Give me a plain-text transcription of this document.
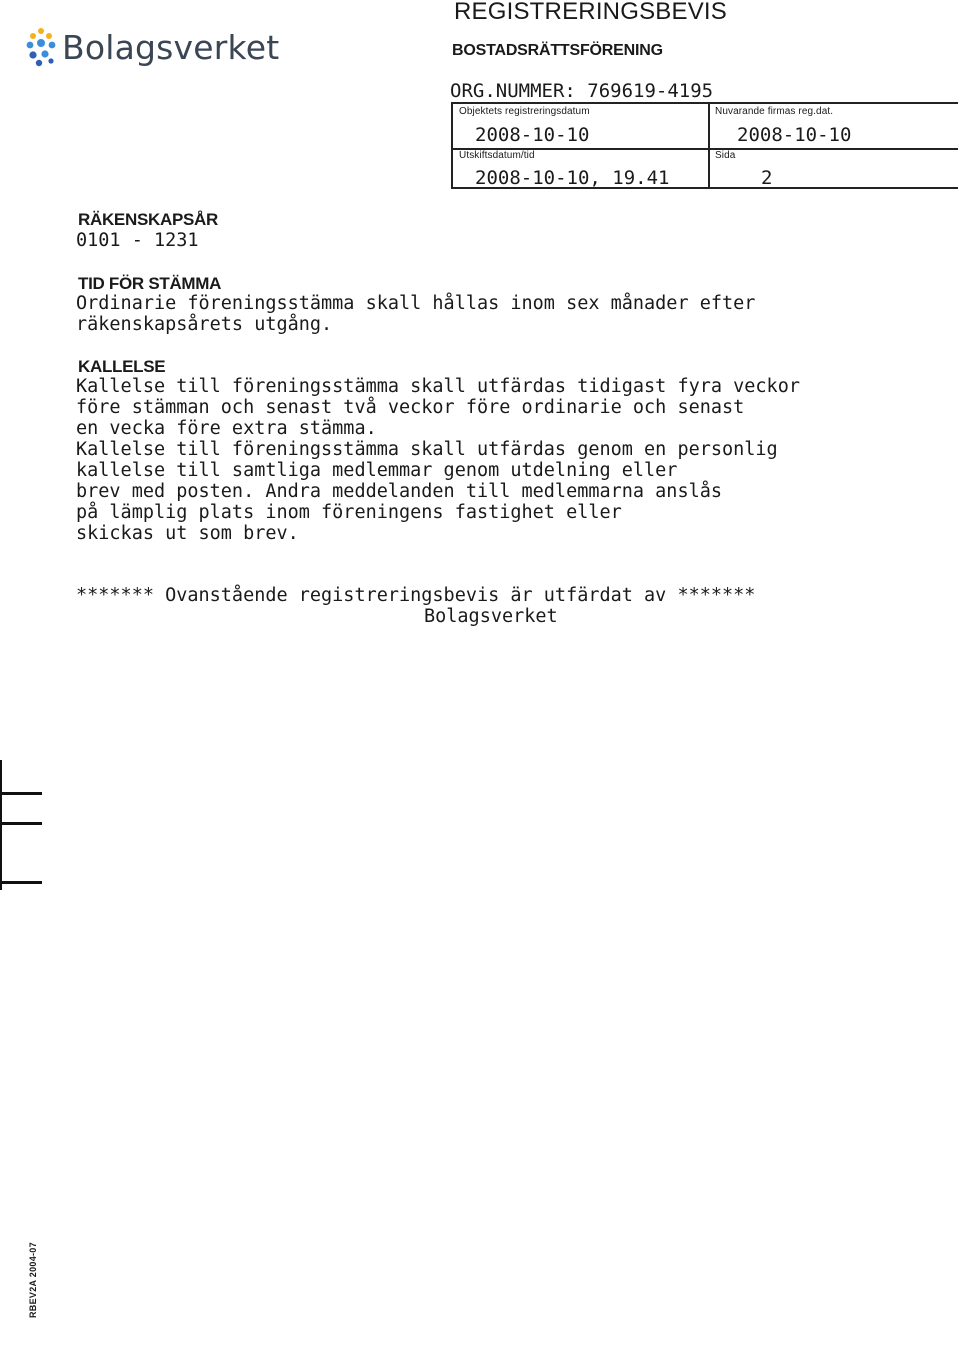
Bolagsverket
REGISTRERINGSBEVIS
BOSTADSRÄTTSFÖRENING
ORG.NUMMER: 769619-4195
Objektets registreringsdatum
2008-10-10
Nuvarande firmas reg.dat.
2008-10-10
Utskiftsdatum/tid
2008-10-10, 19.41
Sida
2
RÄKENSKAPSÅR
0101 - 1231
TID FÖR STÄMMA
Ordinarie föreningsstämma skall hållas inom sex månader efter
räkenskapsårets utgång.
KALLELSE
Kallelse till föreningsstämma skall utfärdas tidigast fyra veckor
före stämman och senast två veckor före ordinarie och senast
en vecka före extra stämma.
Kallelse till föreningsstämma skall utfärdas genom en personlig
kallelse till samtliga medlemmar genom utdelning eller
brev med posten. Andra meddelanden till medlemmarna anslås
på lämplig plats inom föreningens fastighet eller
skickas ut som brev.
******* Ovanstående registreringsbevis är utfärdat av *******
Bolagsverket
RBEV2A 2004-07
